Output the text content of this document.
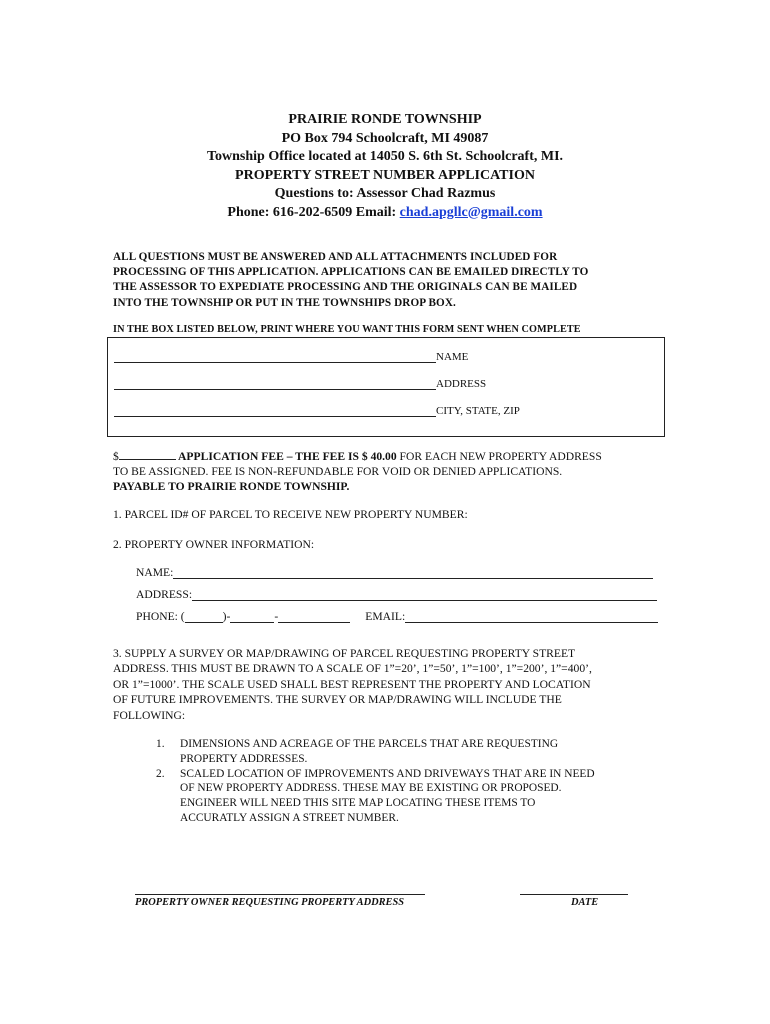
PRAIRIE RONDE TOWNSHIP
PO Box 794 Schoolcraft, MI 49087
Township Office located at 14050 S. 6th St. Schoolcraft, MI.
PROPERTY STREET NUMBER APPLICATION
Questions to: Assessor Chad Razmus
Phone: 616-202-6509 Email: chad.apgllc@gmail.com
ALL QUESTIONS MUST BE ANSWERED AND ALL ATTACHMENTS INCLUDED FOR
PROCESSING OF THIS APPLICATION. APPLICATIONS CAN BE EMAILED DIRECTLY TO
THE ASSESSOR TO EXPEDIATE PROCESSING AND THE ORIGINALS CAN BE MAILED
INTO THE TOWNSHIP OR PUT IN THE TOWNSHIPS DROP BOX.
IN THE BOX LISTED BELOW, PRINT WHERE YOU WANT THIS FORM SENT WHEN COMPLETE
NAME
ADDRESS
CITY, STATE, ZIP
$	APPLICATION FEE – THE FEE IS $ 40.00 FOR EACH NEW PROPERTY ADDRESS
TO BE ASSIGNED. FEE IS NON-REFUNDABLE FOR VOID OR DENIED APPLICATIONS.
PAYABLE TO PRAIRIE RONDE TOWNSHIP.
1. PARCEL ID# OF PARCEL TO RECEIVE NEW PROPERTY NUMBER:
2. PROPERTY OWNER INFORMATION:
NAME:
ADDRESS:
PHONE: (	)-	-	EMAIL:
3. SUPPLY A SURVEY OR MAP/DRAWING OF PARCEL REQUESTING PROPERTY STREET
ADDRESS. THIS MUST BE DRAWN TO A SCALE OF 1”=20’, 1”=50’, 1”=100’, 1”=200’, 1”=400’,
OR 1”=1000’. THE SCALE USED SHALL BEST REPRESENT THE PROPERTY AND LOCATION
OF FUTURE IMPROVEMENTS. THE SURVEY OR MAP/DRAWING WILL INCLUDE THE
FOLLOWING:
1.	DIMENSIONS AND ACREAGE OF THE PARCELS THAT ARE REQUESTING
PROPERTY ADDRESSES.
2.	SCALED LOCATION OF IMPROVEMENTS AND DRIVEWAYS THAT ARE IN NEED
OF NEW PROPERTY ADDRESS. THESE MAY BE EXISTING OR PROPOSED.
ENGINEER WILL NEED THIS SITE MAP LOCATING THESE ITEMS TO
ACCURATLY ASSIGN A STREET NUMBER.
PROPERTY OWNER REQUESTING PROPERTY ADDRESS	DATE
